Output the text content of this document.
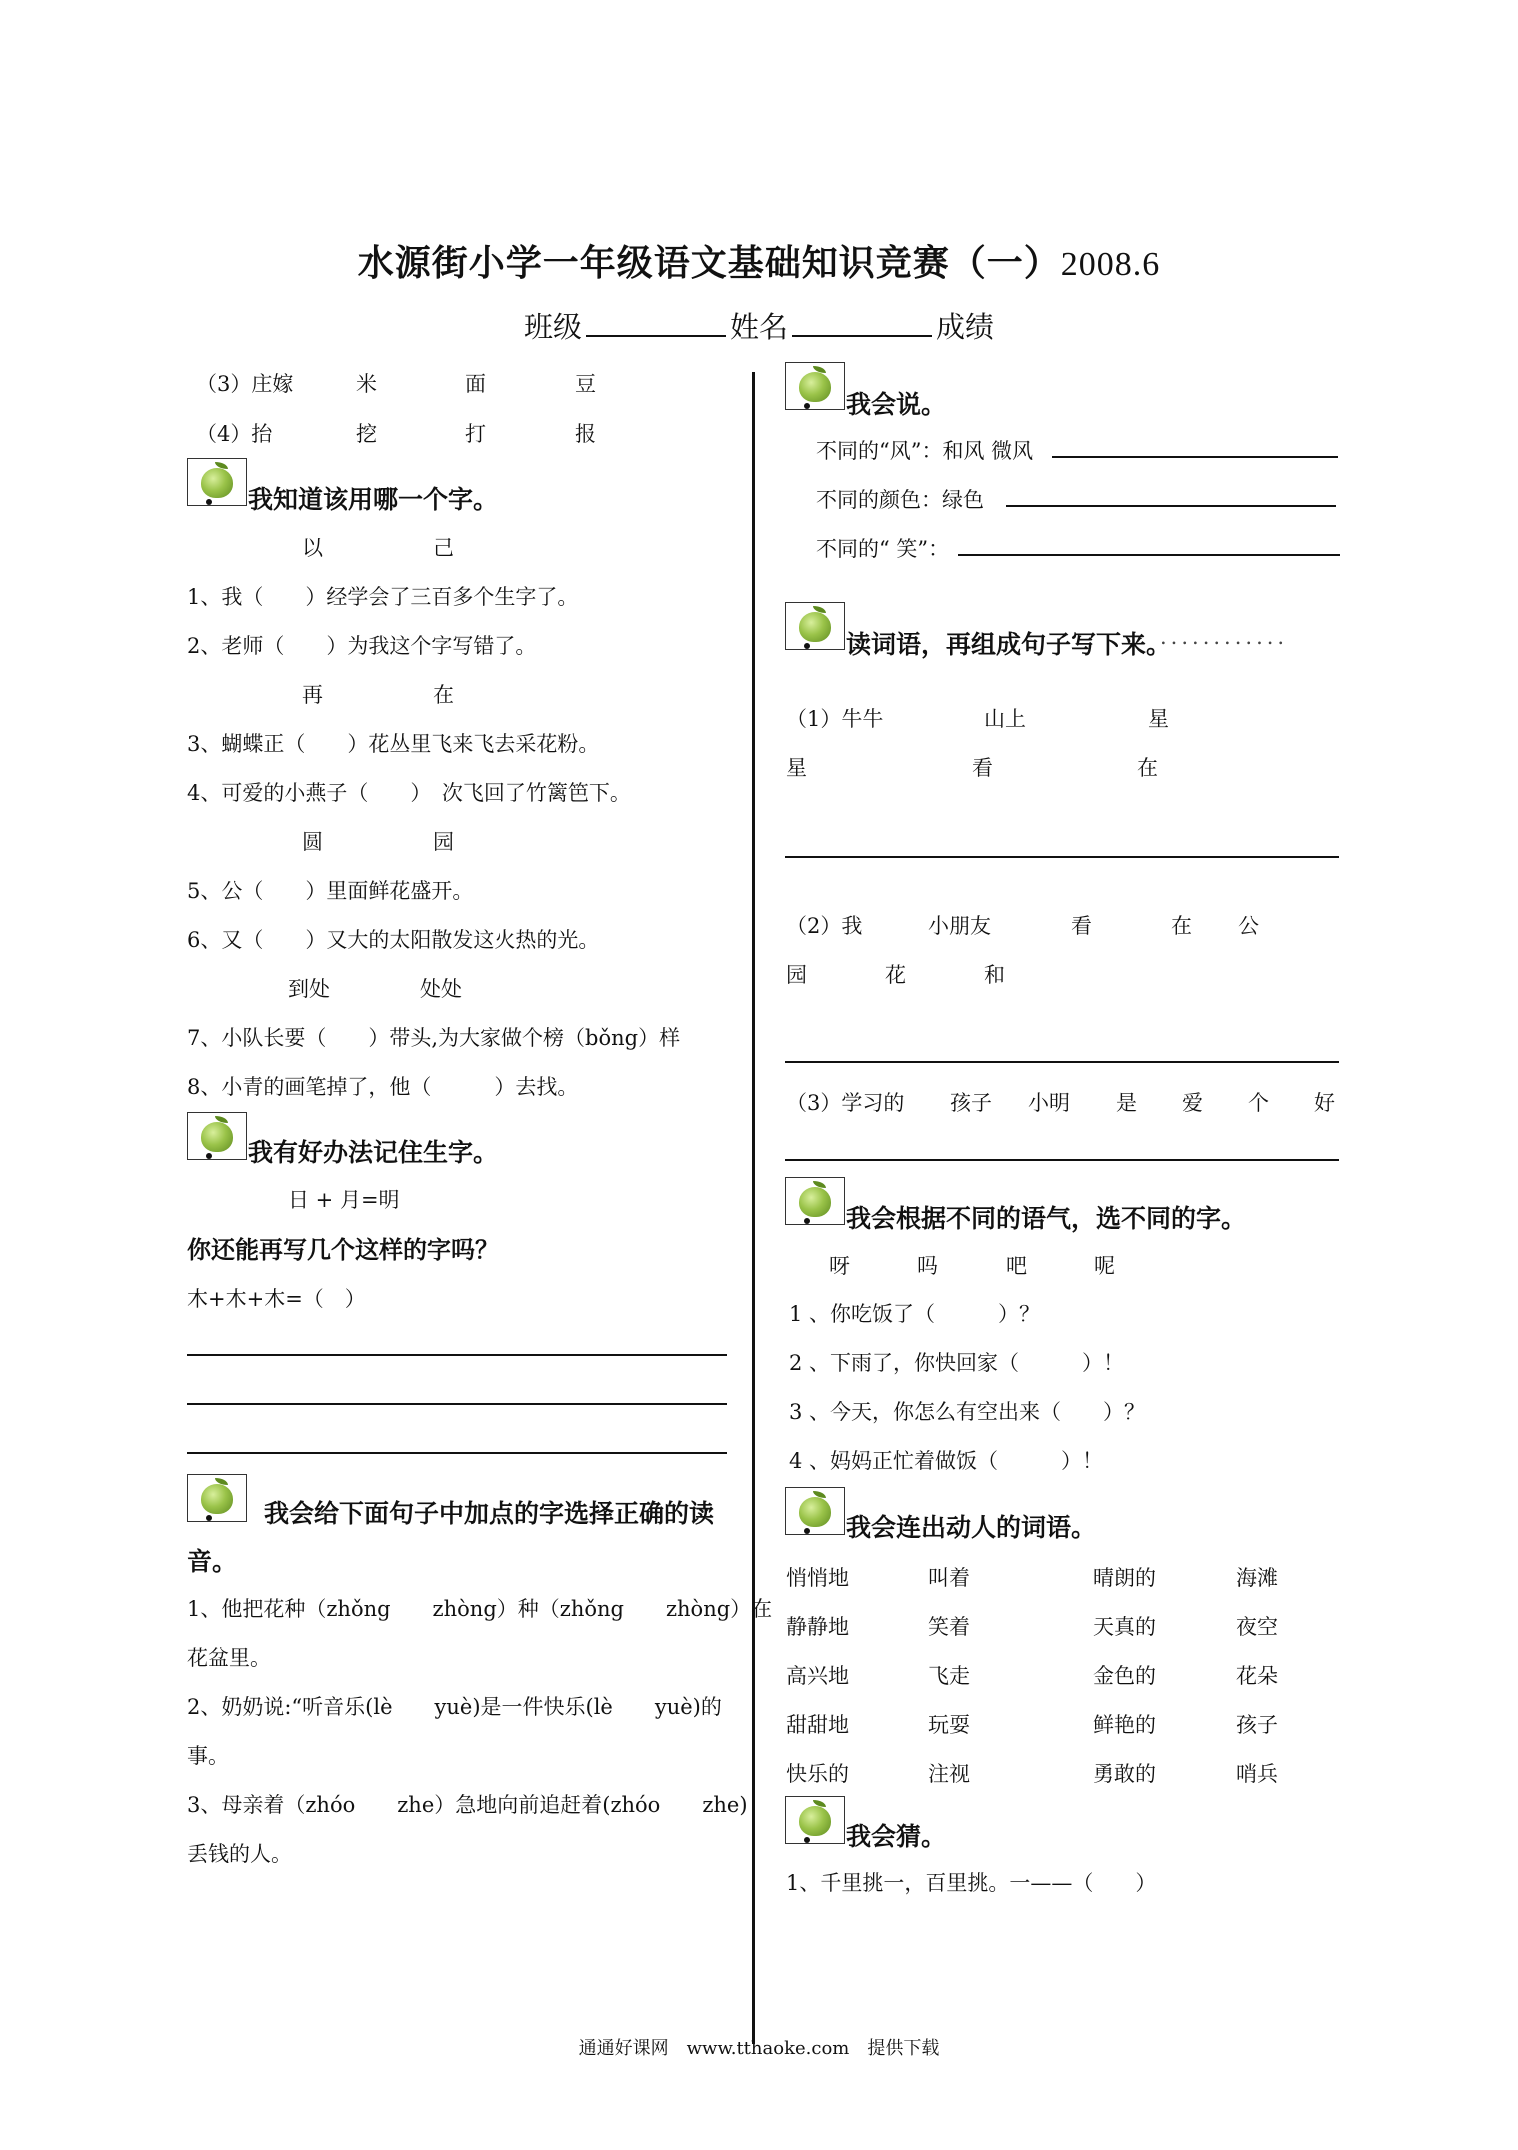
水源街小学一年级语文基础知识竞赛（一）2008.6
班级	姓名	成绩
（3）庄嫁	米	面	豆
（4）抬	挖	打	报
我知道该用哪一个字。
以	己
1、我（　　）经学会了三百多个生字了。
2、老师（　　）为我这个字写错了。
再	在
3、蝴蝶正（　　）花丛里飞来飞去采花粉。
4、可爱的小燕子（　　）　次飞回了竹篱笆下。
圆	园
5、公（　　）里面鲜花盛开。
6、又（　　）又大的太阳散发这火热的光。
到处	处处
7、小队长要（　　）带头,为大家做个榜（bǒng）样
8、小青的画笔掉了，他（　　　）去找。
我有好办法记住生字。
日 + 月=明
你还能再写几个这样的字吗？
木+木+木=（　）
我会给下面句子中加点的字选择正确的读
音。
1、他把花种（zhǒng　　zhòng）种（zhǒng　　zhòng）在
花盆里。
2、奶奶说:“听音乐(lè　　yuè)是一件快乐(lè　　yuè)的
事。
3、母亲着（zhóo　　zhe）急地向前追赶着(zhóo　　zhe)
丢钱的人。
我会说。
不同的“风”：和风 微风
不同的颜色：绿色
不同的“ 笑”：
读词语，再组成句子写下来。
............
（1）牛牛	山上	星
星	看	在
（2）我	小朋友	看	在 公
园	花	和
（3）学习的 孩子 小明 是 爱 个 好
我会根据不同的语气，选不同的字。
呀	吗	吧	呢
1 、你吃饭了（　　　）？
2 、下雨了，你快回家（　　　）！
3 、今天，你怎么有空出来（　　）？
4 、妈妈正忙着做饭（　　　）！
我会连出动人的词语。
悄悄地	叫着	晴朗的	海滩
静静地	笑着	天真的	夜空
高兴地	飞走	金色的	花朵
甜甜地	玩耍	鲜艳的	孩子
快乐的	注视	勇敢的	哨兵
我会猜。
1、千里挑一，百里挑。一——（　　）
通通好课网　www.tthaoke.com　提供下载
